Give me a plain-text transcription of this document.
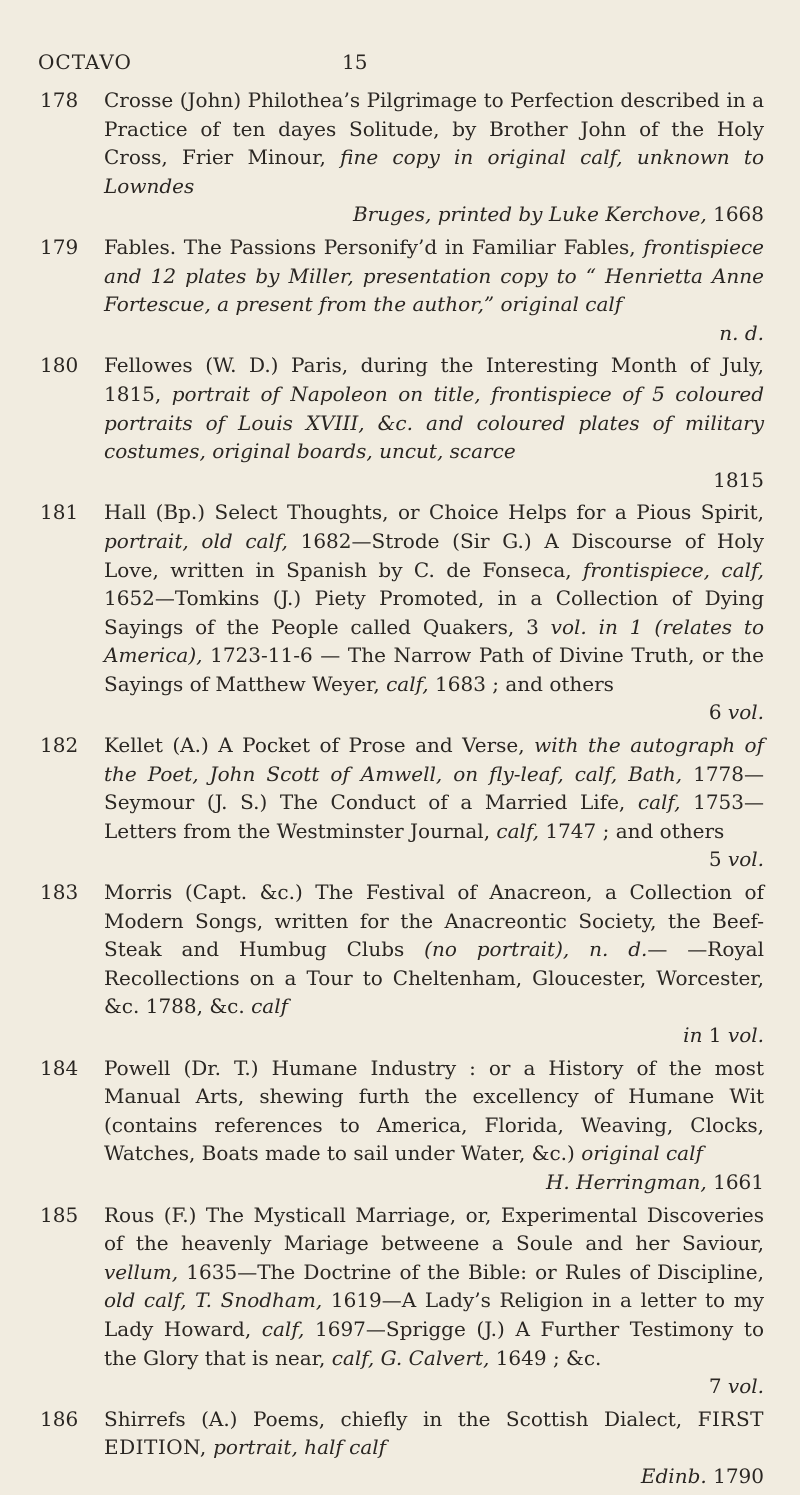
OCTAVO	15
178 Crosse (John) Philothea’s Pilgrimage to Perfection described in a Practice of ten dayes Solitude, by Brother John of the Holy Cross, Frier Minour, fine copy in original calf, unknown to Lowndes
Bruges, printed by Luke Kerchove, 1668
179 Fables. The Passions Personify’d in Familiar Fables, frontispiece and 12 plates by Miller, presentation copy to “ Henrietta Anne Fortescue, a present from the author,” original calf
n. d.
180 Fellowes (W. D.) Paris, during the Interesting Month of July, 1815, portrait of Napoleon on title, frontispiece of 5 coloured portraits of Louis XVIII, &c. and coloured plates of military costumes, original boards, uncut, scarce
1815
181 Hall (Bp.) Select Thoughts, or Choice Helps for a Pious Spirit, portrait, old calf, 1682—Strode (Sir G.) A Discourse of Holy Love, written in Spanish by C. de Fonseca, frontispiece, calf, 1652—Tomkins (J.) Piety Promoted, in a Collection of Dying Sayings of the People called Quakers, 3 vol. in 1 (relates to America), 1723-11-6 — The Narrow Path of Divine Truth, or the Sayings of Matthew Weyer, calf, 1683 ; and others
6 vol.
182 Kellet (A.) A Pocket of Prose and Verse, with the autograph of the Poet, John Scott of Amwell, on fly-leaf, calf, Bath, 1778—Seymour (J. S.) The Conduct of a Married Life, calf, 1753—Letters from the Westminster Journal, calf, 1747 ; and others
5 vol.
183 Morris (Capt. &c.) The Festival of Anacreon, a Collection of Modern Songs, written for the Anacreontic Society, the Beef-Steak and Humbug Clubs (no portrait), n. d.— —Royal Recollections on a Tour to Cheltenham, Gloucester, Worcester, &c. 1788, &c. calf
in 1 vol.
184 Powell (Dr. T.) Humane Industry : or a History of the most Manual Arts, shewing furth the excellency of Humane Wit (contains references to America, Florida, Weaving, Clocks, Watches, Boats made to sail under Water, &c.) original calf
H. Herringman, 1661
185 Rous (F.) The Mysticall Marriage, or, Experimental Discoveries of the heavenly Mariage betweene a Soule and her Saviour, vellum, 1635—The Doctrine of the Bible: or Rules of Discipline, old calf, T. Snodham, 1619—A Lady’s Religion in a letter to my Lady Howard, calf, 1697—Sprigge (J.) A Further Testimony to the Glory that is near, calf, G. Calvert, 1649 ; &c.
7 vol.
186 Shirrefs (A.) Poems, chiefly in the Scottish Dialect, FIRST EDITION, portrait, half calf
Edinb. 1790
